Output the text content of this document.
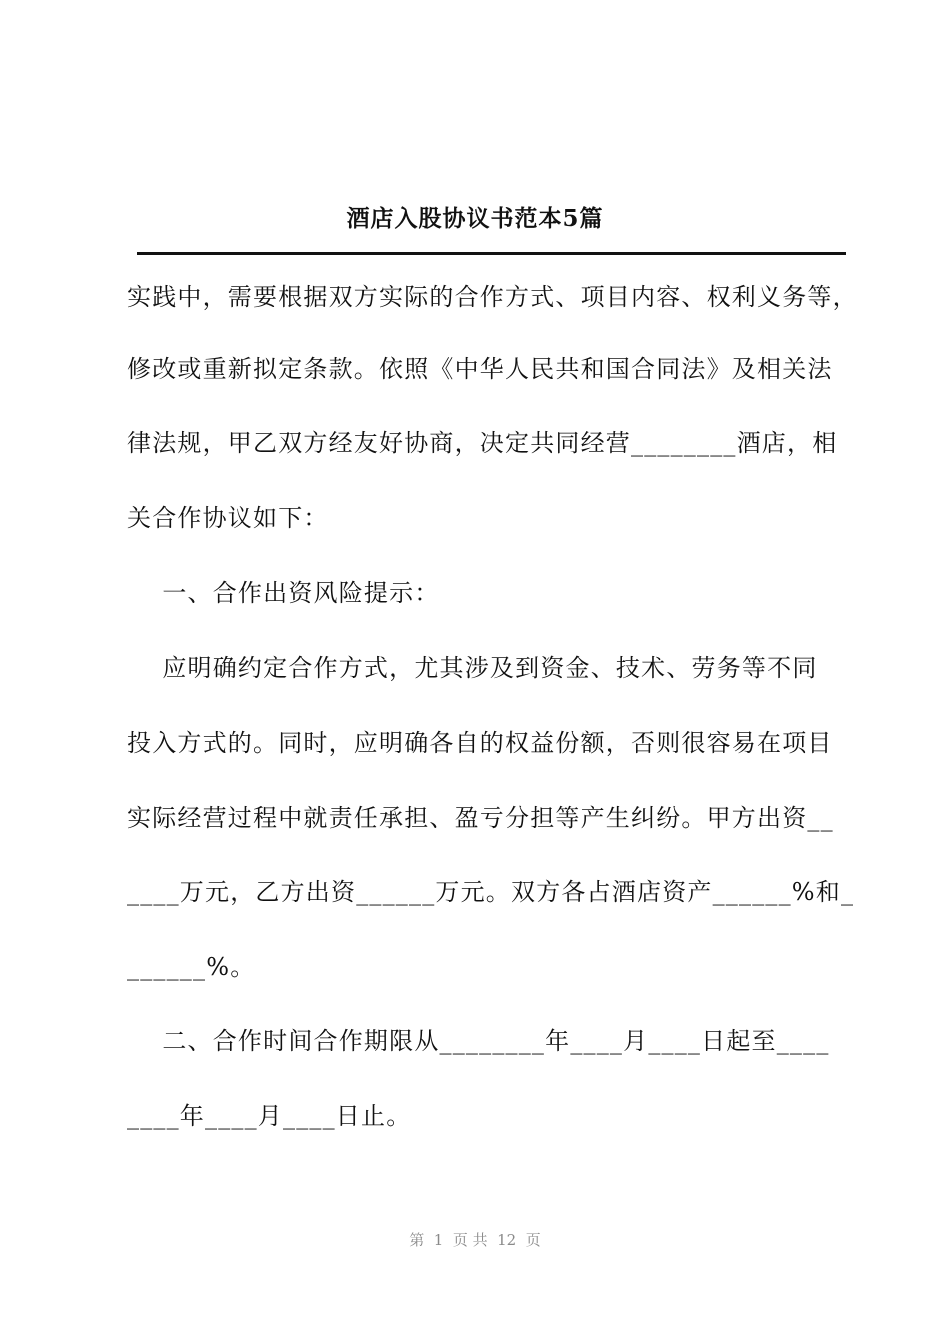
酒店入股协议书范本5篇
实践中，需要根据双方实际的合作方式、项目内容、权利义务等，
修改或重新拟定条款。依照《中华人民共和国合同法》及相关法
律法规，甲乙双方经友好协商，决定共同经营________酒店，相
关合作协议如下：
一、合作出资风险提示：
应明确约定合作方式，尤其涉及到资金、技术、劳务等不同
投入方式的。同时，应明确各自的权益份额，否则很容易在项目
实际经营过程中就责任承担、盈亏分担等产生纠纷。甲方出资__
____万元，乙方出资______万元。双方各占酒店资产______%和_
______%。
二、合作时间合作期限从________年____月____日起至____
____年____月____日止。
第  1  页 共  12  页
